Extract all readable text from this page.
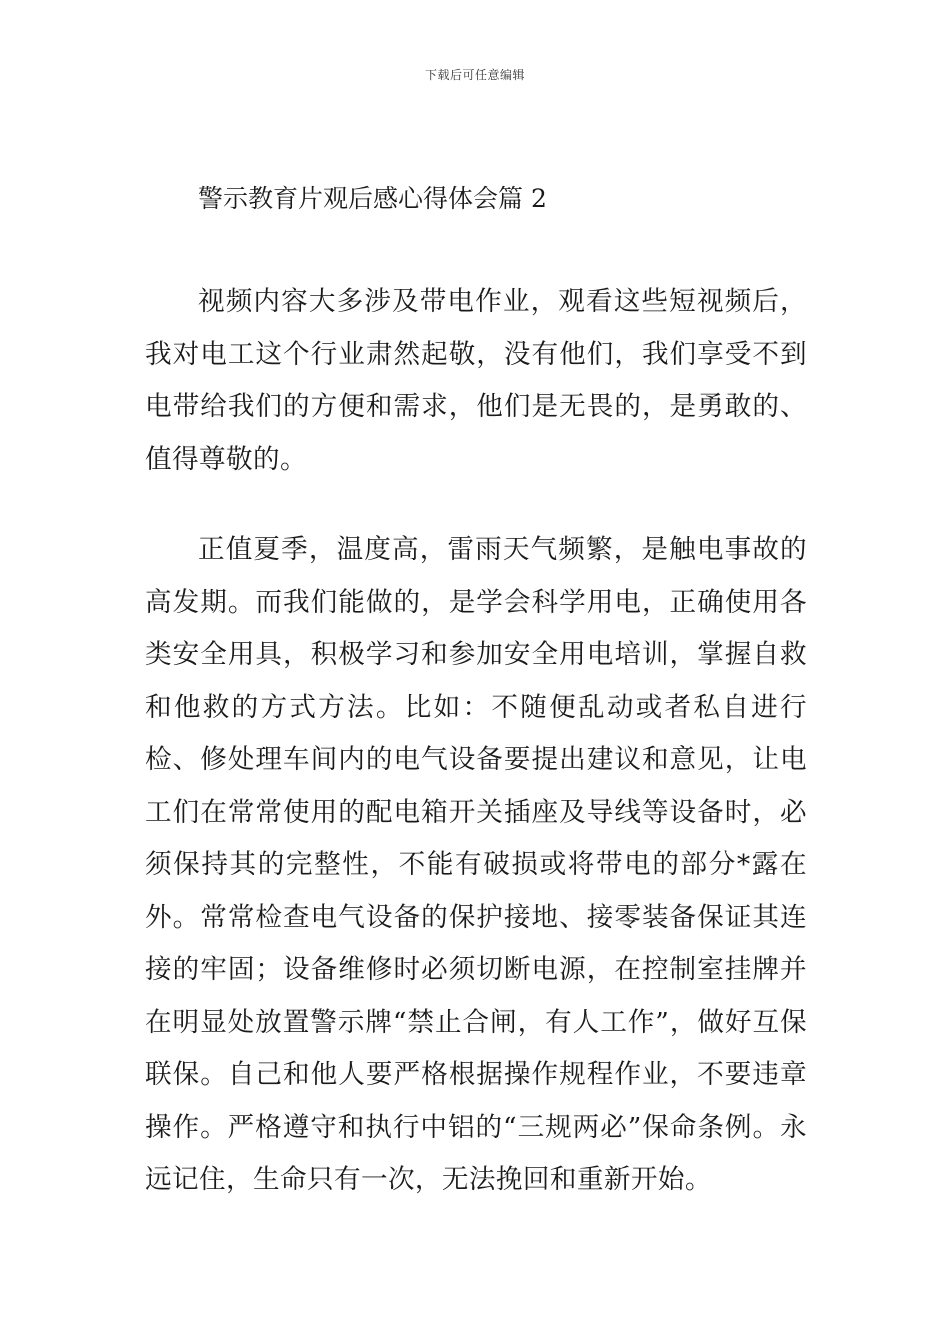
下载后可任意编辑
警示教育片观后感心得体会篇 2

视频内容大多涉及带电作业，观看这些短视频后，我对电工这个行业肃然起敬，没有他们，我们享受不到电带给我们的方便和需求，他们是无畏的，是勇敢的、值得尊敬的。

正值夏季，温度高，雷雨天气频繁，是触电事故的高发期。而我们能做的，是学会科学用电，正确使用各类安全用具，积极学习和参加安全用电培训，掌握自救和他救的方式方法。比如：不随便乱动或者私自进行检、修处理车间内的电气设备要提出建议和意见，让电工们在常常使用的配电箱开关插座及导线等设备时，必须保持其的完整性，不能有破损或将带电的部分*露在外。常常检查电气设备的保护接地、接零装备保证其连接的牢固；设备维修时必须切断电源，在控制室挂牌并在明显处放置警示牌“禁止合闸，有人工作”，做好互保联保。自己和他人要严格根据操作规程作业，不要违章操作。严格遵守和执行中铝的“三规两必”保命条例。永远记住，生命只有一次，无法挽回和重新开始。
